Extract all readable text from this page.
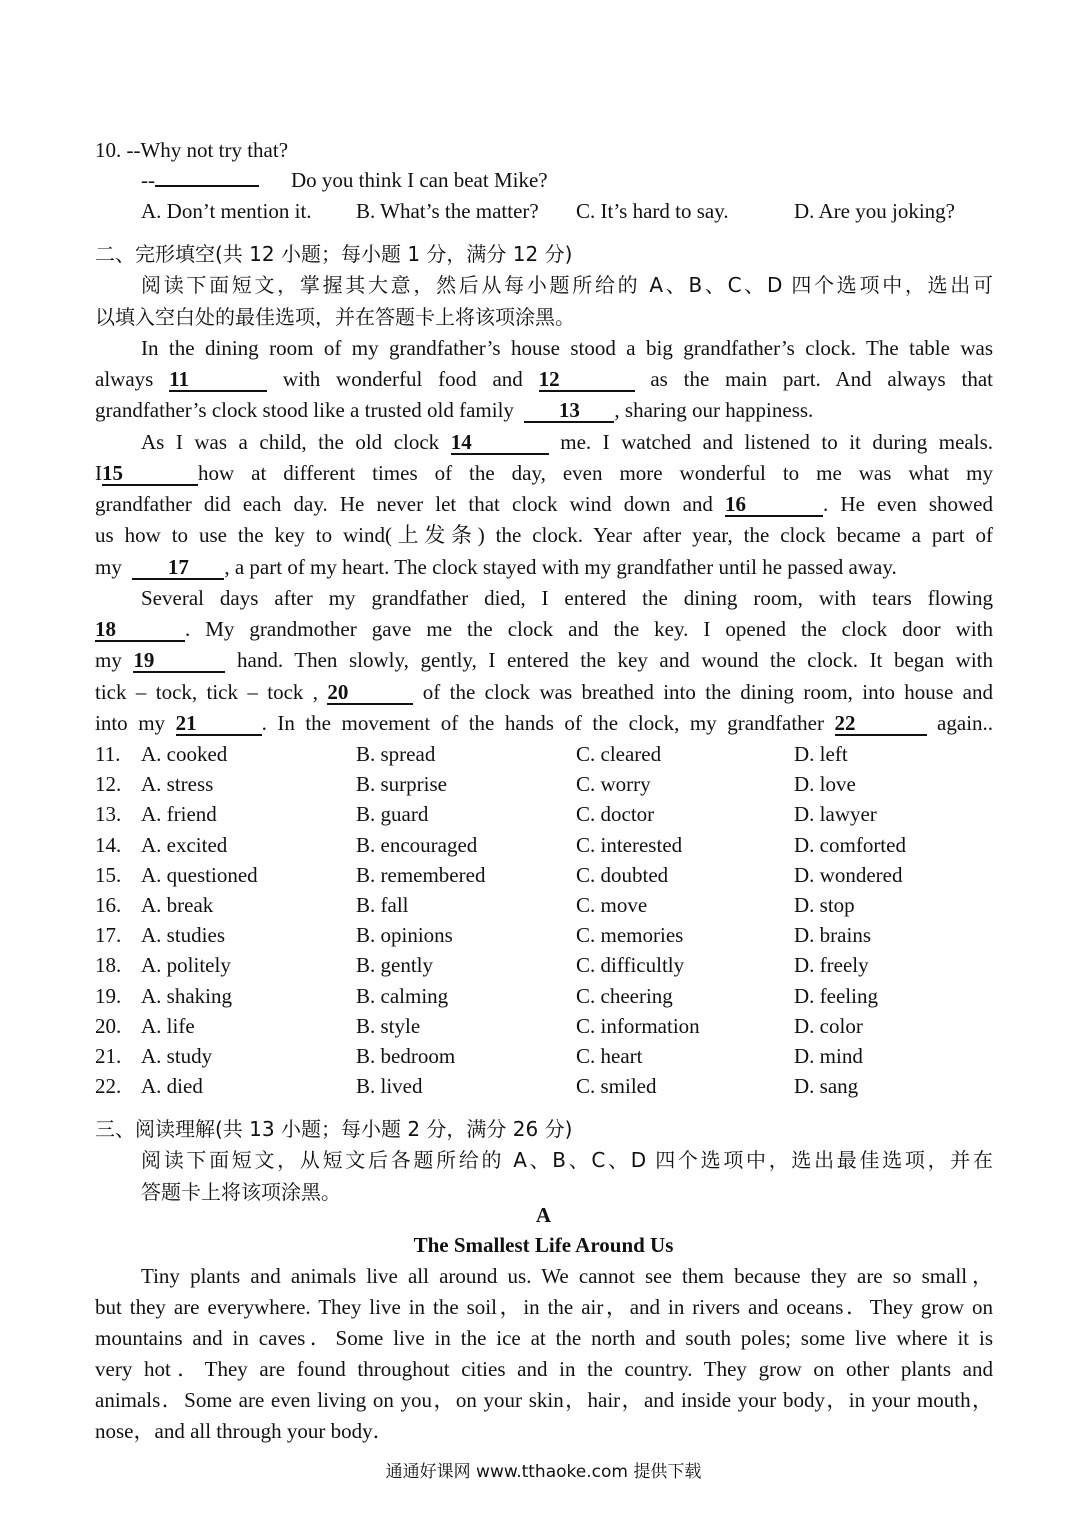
10. --Why not try that?
--	Do you think I can beat Mike?
A. Don’t mention it. B. What’s the matter? C. It’s hard to say.	D. Are you joking?
二、完形填空(共 12 小题；每小题 1 分，满分 12 分)
阅读下面短文，掌握其大意，然后从每小题所给的 A、B、C、D 四个选项中，选出可
以填入空白处的最佳选项，并在答题卡上将该项涂黑。
In the dining room of my grandfather’s house stood a big grandfather’s clock. The table was
always 11	with wonderful food and 12	as the main part. And always that
grandfather’s clock stood like a trusted old family 13 , sharing our happiness.
As I was a child, the old clock 14	me. I watched and listened to it during meals.
I15	how at different times of the day, even more wonderful to me was what my
grandfather did each day. He never let that clock wind down and 16	. He even showed
us how to use the key to wind(上发条) the clock. Year after year, the clock became a part of
my 17 , a part of my heart. The clock stayed with my grandfather until he passed away.
Several days after my grandfather died, I entered the dining room, with tears flowing
18	. My grandmother gave me the clock and the key. I opened the clock door with
my 19	hand. Then slowly, gently, I entered the key and wound the clock. It began with
tick – tock, tick – tock , 20	of the clock was breathed into the dining room, into house and
into my 21	. In the movement of the hands of the clock, my grandfather 22	again..
11. A. cooked	B. spread	C. cleared	D. left
12. A. stress	B. surprise	C. worry	D. love
13. A. friend	B. guard	C. doctor	D. lawyer
14. A. excited	B. encouraged	C. interested	D. comforted
15. A. questioned	B. remembered	C. doubted	D. wondered
16. A. break	B. fall	C. move	D. stop
17. A. studies	B. opinions	C. memories	D. brains
18. A. politely	B. gently	C. difficultly	D. freely
19. A. shaking	B. calming	C. cheering	D. feeling
20. A. life	B. style	C. information	D. color
21. A. study	B. bedroom	C. heart	D. mind
22. A. died	B. lived	C. smiled	D. sang
三、阅读理解(共 13 小题；每小题 2 分，满分 26 分)
阅读下面短文，从短文后各题所给的 A、B、C、D 四个选项中，选出最佳选项，并在
答题卡上将该项涂黑。
A
The Smallest Life Around Us
Tiny plants and animals live all around us. We cannot see them because they are so small，
but they are everywhere. They live in the soil，in the air，and in rivers and oceans．They grow on
mountains and in caves．Some live in the ice at the north and south poles; some live where it is
very hot．They are found throughout cities and in the country. They grow on other plants and
animals．Some are even living on you，on your skin，hair，and inside your body，in your mouth，
nose，and all through your body．
通通好课网 www.tthaoke.com 提供下载
